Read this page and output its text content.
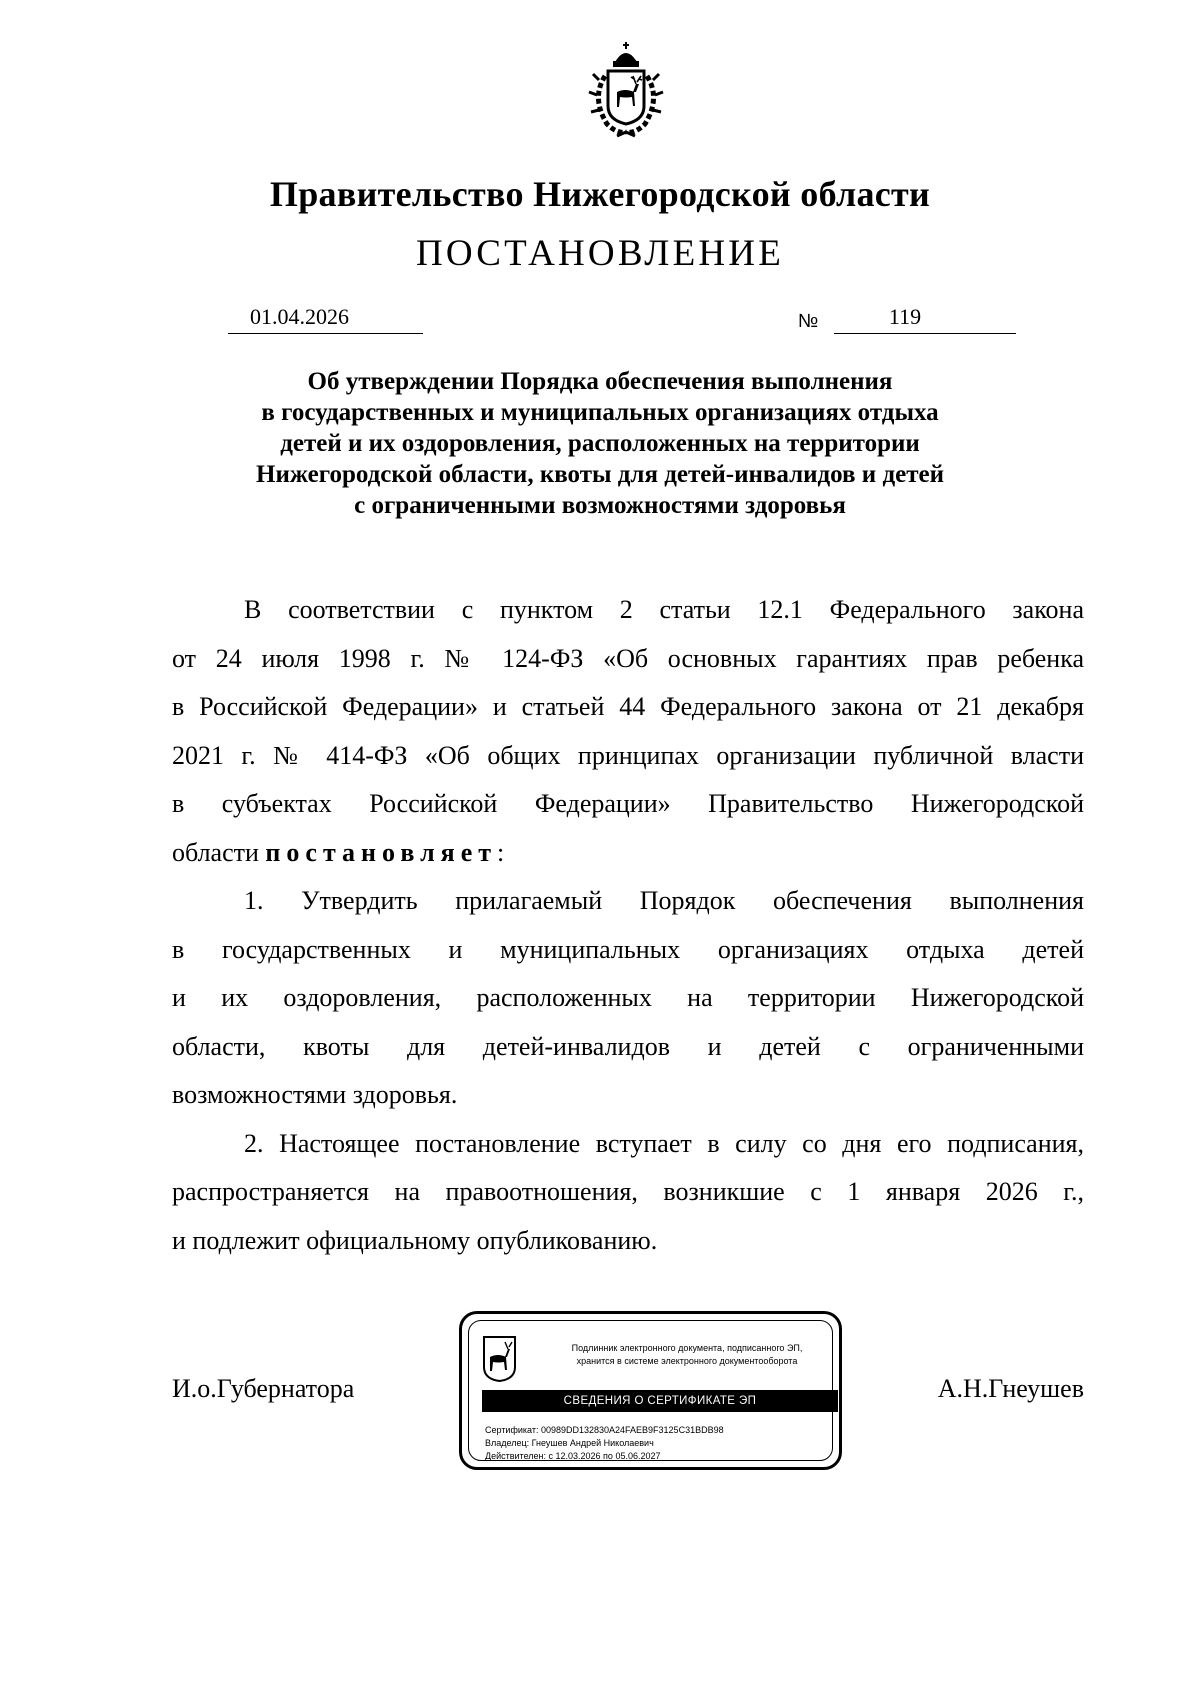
Правительство Нижегородской области
ПОСТАНОВЛЕНИЕ
01.04.2026	№	119
Об утверждении Порядка обеспечения выполнения
в государственных и муниципальных организациях отдыха
детей и их оздоровления, расположенных на территории
Нижегородской области, квоты для детей-инвалидов и детей
с ограниченными возможностями здоровья
В соответствии с пунктом 2 статьи 12.1 Федерального закона
от 24 июля 1998 г. № 124-ФЗ «Об основных гарантиях прав ребенка
в Российской Федерации» и статьей 44 Федерального закона от 21 декабря
2021 г. № 414-ФЗ «Об общих принципах организации публичной власти
в субъектах Российской Федерации» Правительство Нижегородской
области постановляет:
1. Утвердить прилагаемый Порядок обеспечения выполнения
в государственных и муниципальных организациях отдыха детей
и их оздоровления, расположенных на территории Нижегородской
области, квоты для детей-инвалидов и детей с ограниченными
возможностями здоровья.
2. Настоящее постановление вступает в силу со дня его подписания,
распространяется на правоотношения, возникшие с 1 января 2026 г.,
и подлежит официальному опубликованию.
И.о.Губернатора	А.Н.Гнеушев
Подлинник электронного документа, подписанного ЭП,
хранится в системе электронного документооборота
СВЕДЕНИЯ О СЕРТИФИКАТЕ ЭП
Сертификат: 00989DD132830A24FAEB9F3125C31BDB98
Владелец: Гнеушев Андрей Николаевич
Действителен: с 12.03.2026 по 05.06.2027
